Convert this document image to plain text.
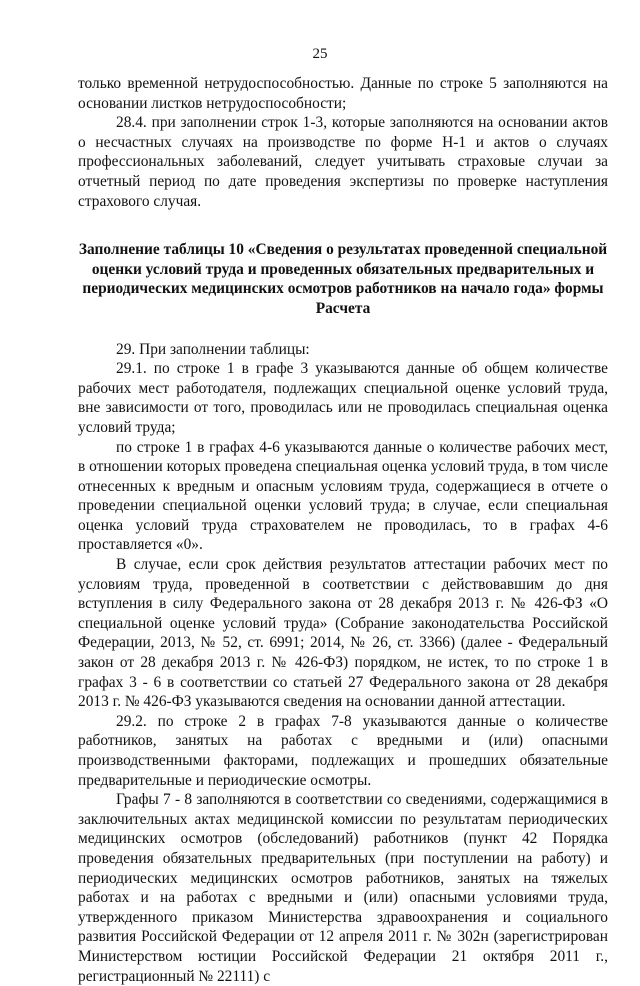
25

только временной нетрудоспособностью. Данные по строке 5 заполняются на основании листков нетрудоспособности;

28.4. при заполнении строк 1-3, которые заполняются на основании актов о несчастных случаях на производстве по форме Н-1 и актов о случаях профессиональных заболеваний, следует учитывать страховые случаи за отчетный период по дате проведения экспертизы по проверке наступления страхового случая.

Заполнение таблицы 10 «Сведения о результатах проведенной специальной оценки условий труда и проведенных обязательных предварительных и периодических медицинских осмотров работников на начало года» формы Расчета

29. При заполнении таблицы:

29.1. по строке 1 в графе 3 указываются данные об общем количестве рабочих мест работодателя, подлежащих специальной оценке условий труда, вне зависимости от того, проводилась или не проводилась специальная оценка условий труда;

по строке 1 в графах 4-6 указываются данные о количестве рабочих мест, в отношении которых проведена специальная оценка условий труда, в том числе отнесенных к вредным и опасным условиям труда, содержащиеся в отчете о проведении специальной оценки условий труда; в случае, если специальная оценка условий труда страхователем не проводилась, то в графах 4-6 проставляется «0».

В случае, если срок действия результатов аттестации рабочих мест по условиям труда, проведенной в соответствии с действовавшим до дня вступления в силу Федерального закона от 28 декабря 2013 г. № 426-ФЗ «О специальной оценке условий труда» (Собрание законодательства Российской Федерации, 2013, № 52, ст. 6991; 2014, № 26, ст. 3366) (далее - Федеральный закон от 28 декабря 2013 г. № 426-ФЗ) порядком, не истек, то по строке 1 в графах 3 - 6 в соответствии со статьей 27 Федерального закона от 28 декабря 2013 г. № 426-ФЗ указываются сведения на основании данной аттестации.

29.2. по строке 2 в графах 7-8 указываются данные о количестве работников, занятых на работах с вредными и (или) опасными производственными факторами, подлежащих и прошедших обязательные предварительные и периодические осмотры.

Графы 7 - 8 заполняются в соответствии со сведениями, содержащимися в заключительных актах медицинской комиссии по результатам периодических медицинских осмотров (обследований) работников (пункт 42 Порядка проведения обязательных предварительных (при поступлении на работу) и периодических медицинских осмотров работников, занятых на тяжелых работах и на работах с вредными и (или) опасными условиями труда, утвержденного приказом Министерства здравоохранения и социального развития Российской Федерации от 12 апреля 2011 г. № 302н (зарегистрирован Министерством юстиции Российской Федерации 21 октября 2011 г., регистрационный № 22111) с
